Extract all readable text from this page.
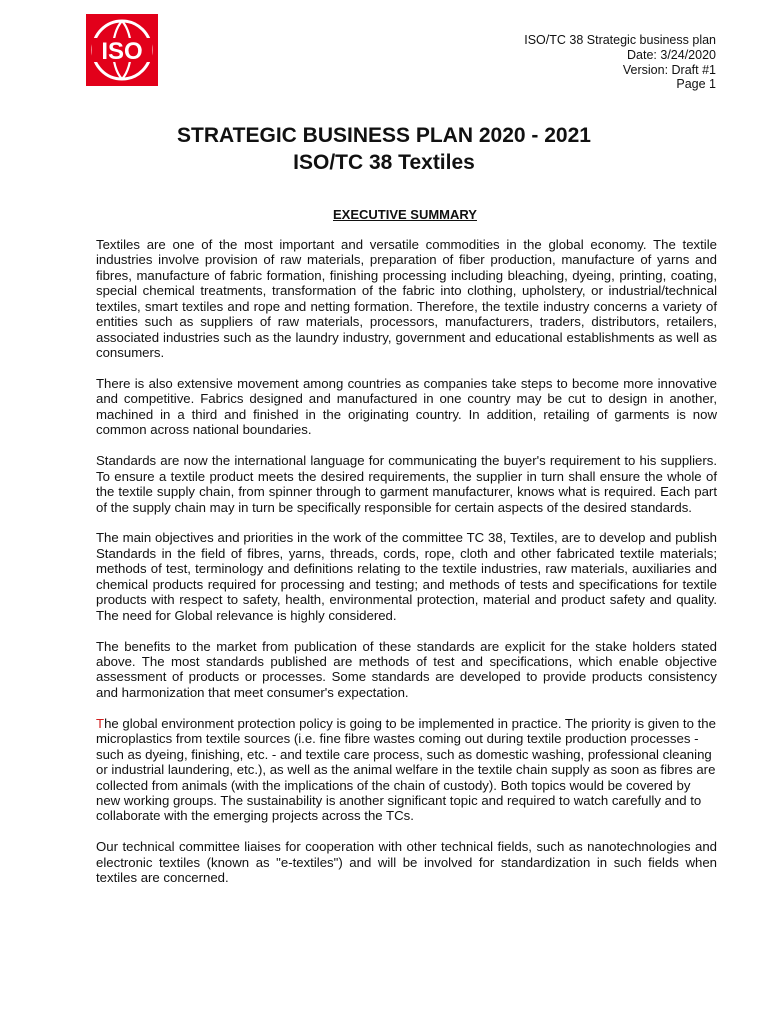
ISO	ISO/TC 38 Strategic business plan
Date: 3/24/2020
Version: Draft #1
Page 1
STRATEGIC BUSINESS PLAN 2020 - 2021
ISO/TC 38 Textiles
EXECUTIVE SUMMARY

Textiles are one of the most important and versatile commodities in the global economy. The textile industries involve provision of raw materials, preparation of fiber production, manufacture of yarns and fibres, manufacture of fabric formation, finishing processing including bleaching, dyeing, printing, coating, special chemical treatments, transformation of the fabric into clothing, upholstery, or industrial/technical textiles, smart textiles and rope and netting formation. Therefore, the textile industry concerns a variety of entities such as suppliers of raw materials, processors, manufacturers, traders, distributors, retailers, associated industries such as the laundry industry, government and educational establishments as well as consumers.

There is also extensive movement among countries as companies take steps to become more innovative and competitive. Fabrics designed and manufactured in one country may be cut to design in another, machined in a third and finished in the originating country. In addition, retailing of garments is now common across national boundaries.

Standards are now the international language for communicating the buyer's requirement to his suppliers. To ensure a textile product meets the desired requirements, the supplier in turn shall ensure the whole of the textile supply chain, from spinner through to garment manufacturer, knows what is required. Each part of the supply chain may in turn be specifically responsible for certain aspects of the desired standards.

The main objectives and priorities in the work of the committee TC 38, Textiles, are to develop and publish Standards in the field of fibres, yarns, threads, cords, rope, cloth and other fabricated textile materials; methods of test, terminology and definitions relating to the textile industries, raw materials, auxiliaries and chemical products required for processing and testing; and methods of tests and specifications for textile products with respect to safety, health, environmental protection, material and product safety and quality. The need for Global relevance is highly considered.

The benefits to the market from publication of these standards are explicit for the stake holders stated above. The most standards published are methods of test and specifications, which enable objective assessment of products or processes. Some standards are developed to provide products consistency and harmonization that meet consumer's expectation.

The global environment protection policy is going to be implemented in practice. The priority is given to the microplastics from textile sources (i.e. fine fibre wastes coming out during textile production processes - such as dyeing, finishing, etc. - and textile care process, such as domestic washing, professional cleaning or industrial laundering, etc.), as well as the animal welfare in the textile chain supply as soon as fibres are collected from animals (with the implications of the chain of custody). Both topics would be covered by new working groups. The sustainability is another significant topic and required to watch carefully and to collaborate with the emerging projects across the TCs.

Our technical committee liaises for cooperation with other technical fields, such as nanotechnologies and electronic textiles (known as "e-textiles") and will be involved for standardization in such fields when textiles are concerned.
